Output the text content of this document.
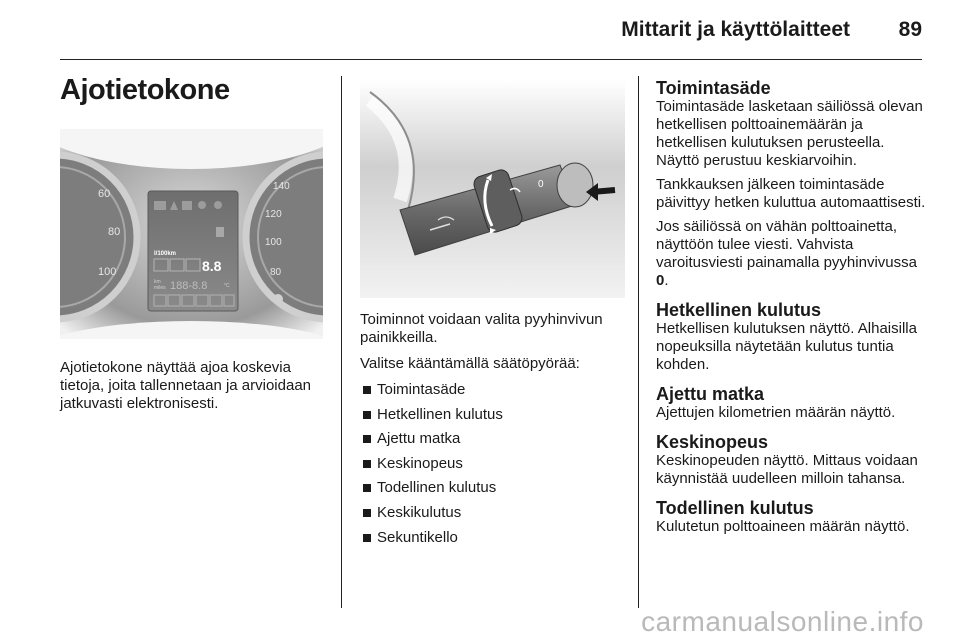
Mittarit ja käyttölaitteet 89
Ajotietokone
60
80
100
140
120
100
80
l/100km
8.8
km
miles 188-8.8	°C

Ajotietokone näyttää ajoa koskevia tietoja, joita tallennetaan ja arvioidaan jatkuvasti elektronisesti.

0

Toiminnot voidaan valita pyyhinvivun painikkeilla.

Valitse kääntämällä säätöpyörää:

Toimintasäde
Hetkellinen kulutus
Ajettu matka
Keskinopeus
Todellinen kulutus
Keskikulutus
Sekuntikello
Toimintasäde

Toimintasäde lasketaan säiliössä olevan hetkellisen polttoainemäärän ja hetkellisen kulutuksen perusteella. Näyttö perustuu keskiarvoihin.

Tankkauksen jälkeen toimintasäde päivittyy hetken kuluttua automaattisesti.

Jos säiliössä on vähän polttoainetta, näyttöön tulee viesti. Vahvista varoitusviesti painamalla pyyhinvivussa 0.

Hetkellinen kulutus

Hetkellisen kulutuksen näyttö. Alhaisilla nopeuksilla näytetään kulutus tuntia kohden.

Ajettu matka

Ajettujen kilometrien määrän näyttö.

Keskinopeus

Keskinopeuden näyttö. Mittaus voidaan käynnistää uudelleen milloin tahansa.

Todellinen kulutus

Kulutetun polttoaineen määrän näyttö.

carmanualsonline.info
